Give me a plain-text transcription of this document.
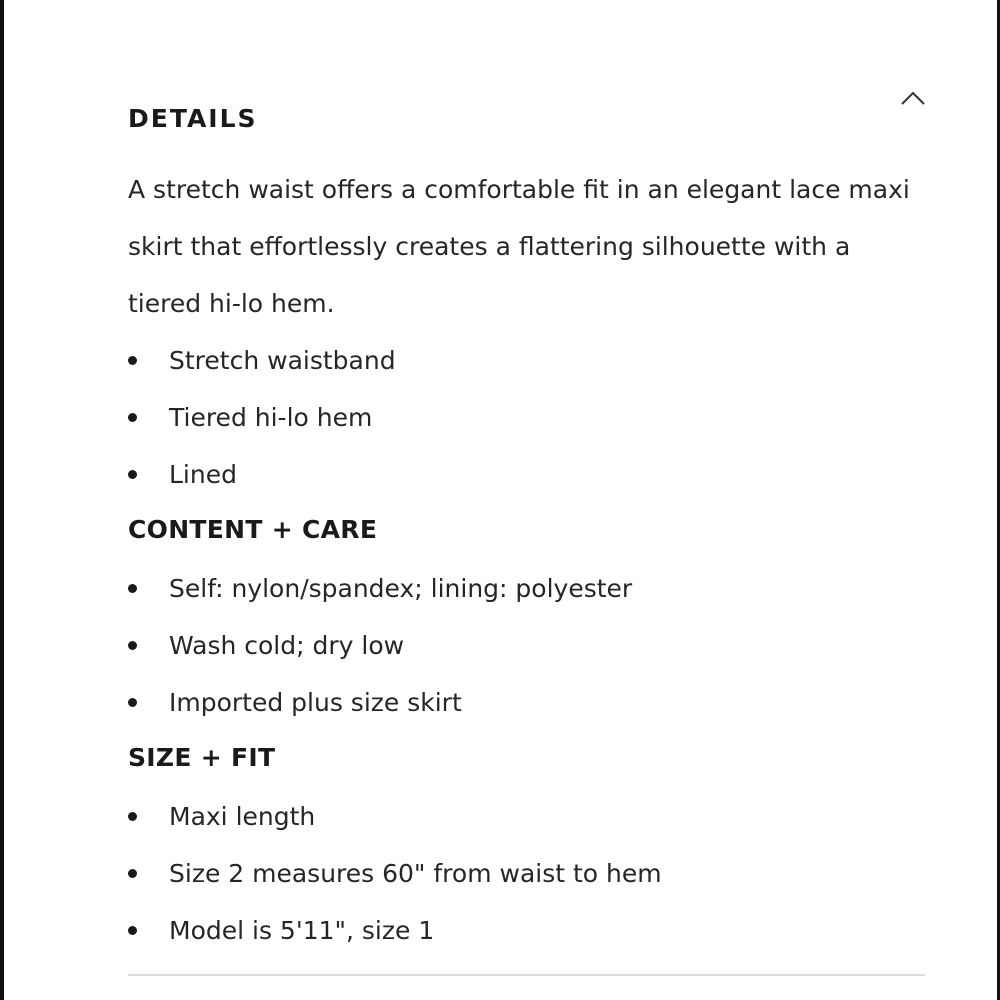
DETAILS

A stretch waist offers a comfortable fit in an elegant lace maxi skirt that effortlessly creates a flattering silhouette with a tiered hi-lo hem.

Stretch waistband
Tiered hi-lo hem
Lined
CONTENT + CARE
Self: nylon/spandex; lining: polyester
Wash cold; dry low
Imported plus size skirt
SIZE + FIT
Maxi length
Size 2 measures 60" from waist to hem
Model is 5'11", size 1
